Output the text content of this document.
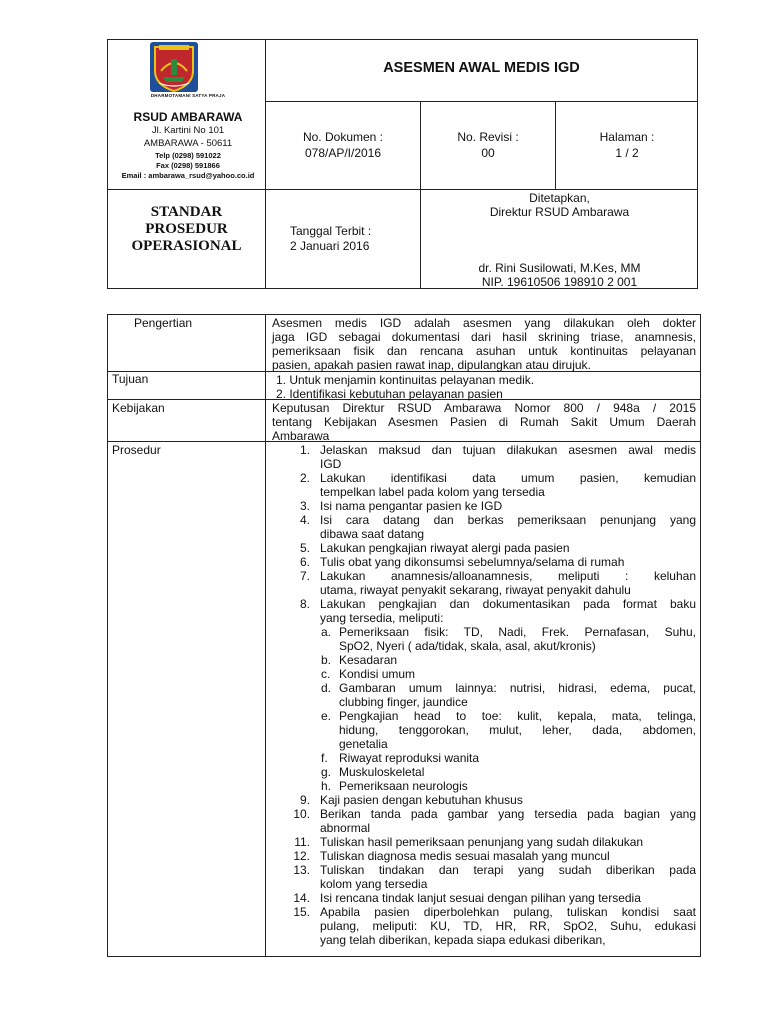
DHARMOTAMANI SATYA PRAJA
RSUD AMBARAWA
Jl. Kartini No 101
AMBARAWA - 50611
Telp (0298) 591022
Fax (0298) 591866
Email : ambarawa_rsud@yahoo.co.id
ASESMEN AWAL MEDIS IGD
No. Dokumen :
078/AP/I/2016
No. Revisi :
00
Halaman :
1 / 2
STANDAR
PROSEDUR
OPERASIONAL
Tanggal Terbit :
2 Januari 2016
Ditetapkan,
Direktur RSUD Ambarawa
dr. Rini Susilowati, M.Kes, MM
NIP. 19610506 198910 2 001
Pengertian	Asesmen medis IGD adalah asesmen yang dilakukan oleh dokter
jaga IGD sebagai dokumentasi dari hasil skrining triase, anamnesis,
pemeriksaan fisik dan rencana asuhan untuk kontinuitas pelayanan
pasien, apakah pasien rawat inap, dipulangkan atau dirujuk.
Tujuan	1. Untuk menjamin kontinuitas pelayanan medik.
2. Identifikasi kebutuhan pelayanan pasien
Kebijakan	Keputusan Direktur RSUD Ambarawa Nomor 800 / 948a / 2015
tentang Kebijakan Asesmen Pasien di Rumah Sakit Umum Daerah
Ambarawa
Prosedur	1. Jelaskan maksud dan tujuan dilakukan asesmen awal medis
IGD
2. Lakukan identifikasi data umum pasien, kemudian
tempelkan label pada kolom yang tersedia
3. Isi nama pengantar pasien ke IGD
4. Isi cara datang dan berkas pemeriksaan penunjang yang
dibawa saat datang
5. Lakukan pengkajian riwayat alergi pada pasien
6. Tulis obat yang dikonsumsi sebelumnya/selama di rumah
7. Lakukan anamnesis/alloanamnesis, meliputi : keluhan
utama, riwayat penyakit sekarang, riwayat penyakit dahulu
8. Lakukan pengkajian dan dokumentasikan pada format baku
yang tersedia, meliputi:
a. Pemeriksaan fisik: TD, Nadi, Frek. Pernafasan, Suhu,
SpO2, Nyeri ( ada/tidak, skala, asal, akut/kronis)
b. Kesadaran
c. Kondisi umum
d. Gambaran umum lainnya: nutrisi, hidrasi, edema, pucat,
clubbing finger, jaundice
e. Pengkajian head to toe: kulit, kepala, mata, telinga,
hidung, tenggorokan, mulut, leher, dada, abdomen,
genetalia
f. Riwayat reproduksi wanita
g. Muskuloskeletal
h. Pemeriksaan neurologis
9. Kaji pasien dengan kebutuhan khusus
10. Berikan tanda pada gambar yang tersedia pada bagian yang
abnormal
11. Tuliskan hasil pemeriksaan penunjang yang sudah dilakukan
12. Tuliskan diagnosa medis sesuai masalah yang muncul
13. Tuliskan tindakan dan terapi yang sudah diberikan pada
kolom yang tersedia
14. Isi rencana tindak lanjut sesuai dengan pilihan yang tersedia
15. Apabila pasien diperbolehkan pulang, tuliskan kondisi saat
pulang, meliputi: KU, TD, HR, RR, SpO2, Suhu, edukasi
yang telah diberikan, kepada siapa edukasi diberikan,
